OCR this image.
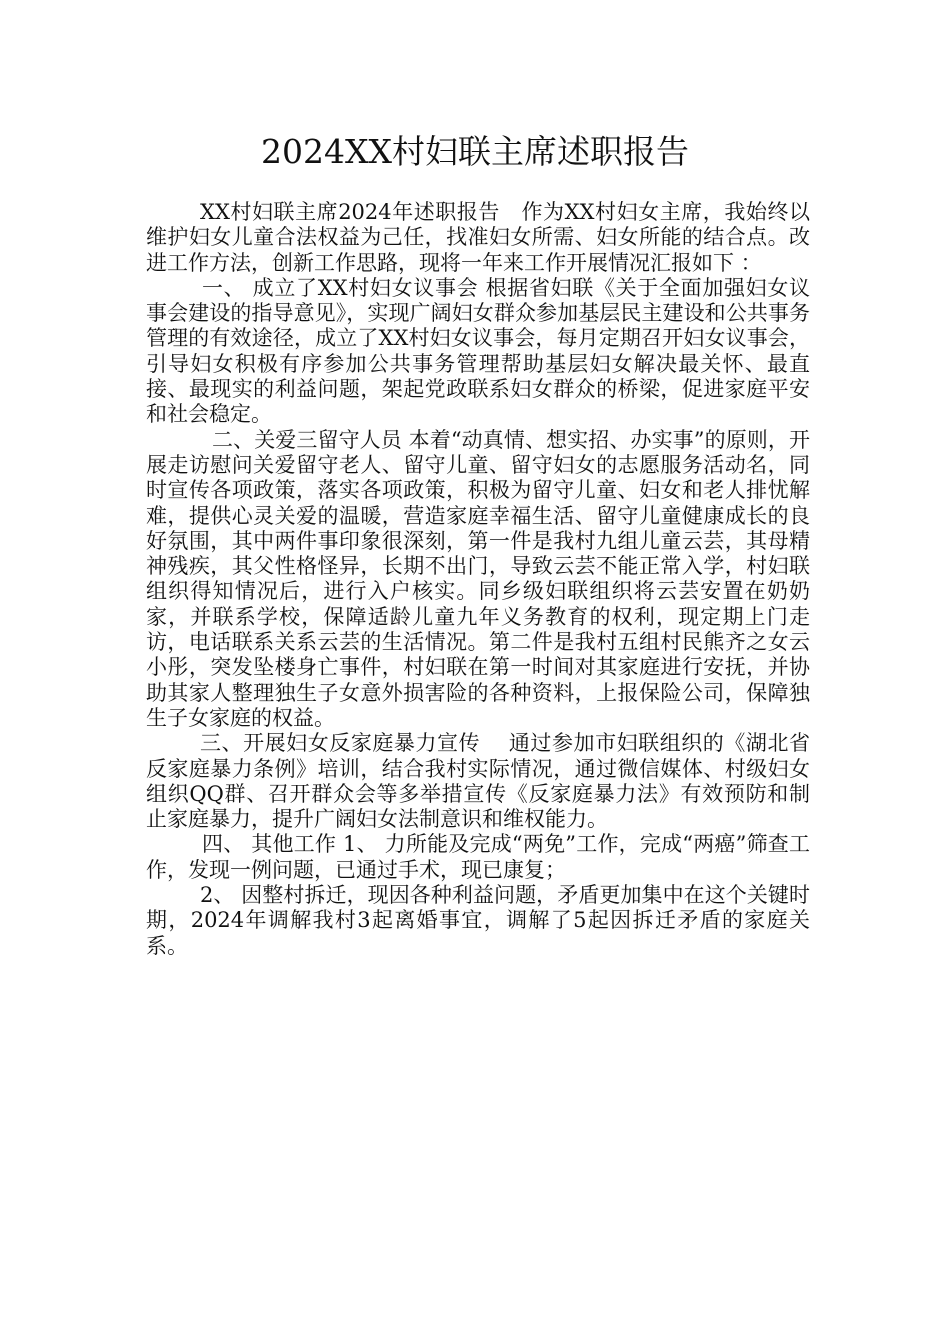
2024XX村妇联主席述职报告

XX村妇联主席2024年述职报告　作为XX村妇女主席，我始终以维护妇女儿童合法权益为己任，找准妇女所需、妇女所能的结合点。改进工作方法，创新工作思路，现将一年来工作开展情况汇报如下 ：

一、 成立了XX村妇女议事会 根据省妇联《关于全面加强妇女议事会建设的指导意见》，实现广阔妇女群众参加基层民主建设和公共事务管理的有效途径，成立了XX村妇女议事会，每月定期召开妇女议事会，引导妇女积极有序参加公共事务管理帮助基层妇女解决最关怀、最直接、最现实的利益问题，架起党政联系妇女群众的桥梁，促进家庭平安和社会稳定。

二、关爱三留守人员 本着“动真情、想实招、办实事”的原则，开展走访慰问关爱留守老人、留守儿童、留守妇女的志愿服务活动名，同时宣传各项政策，落实各项政策，积极为留守儿童、妇女和老人排忧解难，提供心灵关爱的温暖，营造家庭幸福生活、留守儿童健康成长的良好氛围，其中两件事印象很深刻，第一件是我村九组儿童云芸，其母精神残疾，其父性格怪异，长期不出门，导致云芸不能正常入学，村妇联组织得知情况后，进行入户核实。同乡级妇联组织将云芸安置在奶奶家，并联系学校，保障适龄儿童九年义务教育的权利，现定期上门走访，电话联系关系云芸的生活情况。第二件是我村五组村民熊齐之女云小彤，突发坠楼身亡事件，村妇联在第一时间对其家庭进行安抚，并协助其家人整理独生子女意外损害险的各种资料，上报保险公司，保障独生子女家庭的权益。

三、开展妇女反家庭暴力宣传　 通过参加市妇联组织的《湖北省反家庭暴力条例》培训，结合我村实际情况，通过微信媒体、村级妇女组织QQ群、召开群众会等多举措宣传《反家庭暴力法》有效预防和制止家庭暴力，提升广阔妇女法制意识和维权能力。

四、 其他工作 1、 力所能及完成“两免”工作，完成“两癌”筛查工作，发现一例问题，已通过手术，现已康复；

2、 因整村拆迁，现因各种利益问题，矛盾更加集中在这个关键时期，2024年调解我村3起离婚事宜，调解了5起因拆迁矛盾的家庭关系。
